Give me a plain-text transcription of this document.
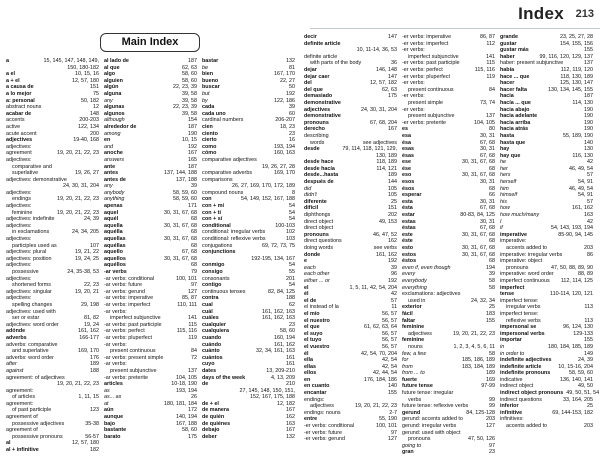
Index 213
Main Index
a	15, 145, 147, 148, 149,
150, 180-182
a el	10, 15, 16
a + el	12, 57, 180
a causa de	151
a lo mejor	75
a: personal	50, 182
abstract nouns	12
acabar de	148
accents	200-203
active	122, 134
acute accent	200
adjectives	19-40, 168
adjectives:
agreement	19, 20, 21, 22, 23
adjectives:
comparative and
superlative	19, 26, 27
adjectives: demonstrative
24, 30, 31, 204
adjectives:
endings	19, 20, 21, 22, 23
adjectives:
feminine	19, 20, 21, 22, 23
adjectives: indefinite	24, 39
adjectives:
in exclamations	24, 34, 205
adjectives:
participles used as	107
adjectives: plural	19, 21, 22
adjectives: position	19, 24, 25
adjectives:
possessive	24, 35-38, 53
adjectives:
shortened forms	22, 23
adjectives: singular	19, 20, 21
adjectives:
spelling changes	29, 198
adjectives: used with
ser or estar	81, 82
adjectives: word order	19, 24
adónde	161, 162
adverbs	166-177
adverbs: comparative
and superlative	169, 170
adverbs: word order	176
after	189
against	188
agreement: of adjectives
19, 20, 21, 22, 23
agreement:
of articles	1, 11, 15
agreement:
of past participle	123
agreement of
possessive adjectives	35-38
agreement of
possessive pronouns	56-57
al	12, 57, 180
al + infinitive	182
al lado de	187
al que	62, 63
algo	58, 60
alguien	58, 60
algún	22, 23, 39
alguna	39, 58
any	39, 58
algunas	22, 23, 39
algunos	39, 58
although	154
alrededor de	187
among	190
en	10, 15
and	192
anoche	167
answers	165
ante	187
antes	137, 144, 188
antes de	137, 188
any	39
anybody	58, 59, 60
anything	58, 59, 60
apenas	171
aquel	30, 31, 67, 68
aquél	68
aquella	30, 31, 67, 68
aquélla	68
aquellas	30, 31, 67, 68
aquéllas	68
aquello	67, 68
aquellos	30, 31, 67, 68
aquéllos	68
-ar verbs	79
-ar verbs: conditional	100, 101
-ar verbs: future	97
-ar verbs: gerund	127
-ar verbs: imperative	85, 87
-ar verbs: imperfect	110, 111
-ar verbs:
imperfect subjunctive	141
-ar verbs: past participle	115
-ar verbs: perfect	115, 116
-ar verbs: pluperfect	119
-ar verbs:
present continuous	84
-ar verbs: present simple	72
-ar verbs:
present subjunctive	137
-ar verbs: preterite	104, 105
articles	10-18, 190
as	193, 194
as... as	26
at	180, 181, 184
aún	172
aunque	140, 194
bajo	167, 188
bastante	58, 60
barato	175
bastar	132
be	81
bien	167, 170
bueno	22, 27
buscar	50
but	192
by	122, 186
cada	39
cada uno	60
cardinal numbers	206-207
cien	18, 23
ciento	23
cierto	16
como	193, 194
cómo	160, 163
comparative adjectives
19, 26, 27, 28
comparative adverbs	169, 170
comparisons
26, 27, 169, 170, 172, 189
compound nouns	8
con	54, 149, 152, 167, 188
con + mí	54
con + ti	54
con + sí	54
conditional	100-103
conditional: irregular verbs	102
conditional: reflexive verbs	103
conjugations	69, 72, 73, 75
conjunctions
192-195, 134, 167
conmigo	54
consigo	55
consonants	201
contigo	54
continuous tenses	82, 84, 125
contra	188
cual	62
cuál	161, 162, 163
cuáles	161, 162, 163
cualquier	23
cualquiera	58, 60
cuando	160, 194
cuándo	161, 162
cuánto	32, 34, 161, 163
cuántos	161
cuyo	161
dates	13, 209-210
days of the week	4, 13, 209
de	210
27, 145, 148, 150, 151,
152, 167, 175, 188
de + el	12, 182
de manera	167
de quién	162
de quiénes	163
debajo	167
deber	132
decir	147
definite article
10, 11-14, 36, 53
definite article
with parts of the body	36
dejar	146, 148
dejar caer	147
del	12, 57, 182
del que	62, 63
demasiado	175
demonstrative
adjectives	24, 30, 31, 204
demonstrative
pronouns	67, 68, 204
derecho	167
describing
words	see adjectives
desde	79, 114, 118, 121, 129,
130, 189
desde hace	118, 189
desde hacía	114, 121
desde...hasta	189
después de	144
did	105
didn't	105
diferente	25
difícil	151
diphthongs	202
direct object	49, 153
direct object
pronouns	46, 47, 52
direct questions	162
doing words	see verbs
donde	161, 162
e	192
each	39
each other	96
either ... or	192
el	1, 5, 11, 42, 54, 204
él	42
el de	57
el instead of la	11
el mío	56, 57
el nuestro	56, 57
el que	61, 62, 63, 64
el suyo	56, 57
el tuyo	56, 57
el vuestro	56, 57
él	42, 54, 70, 204
ella	42, 54
ellas	42, 54
ellos	42, 44, 54
en	176, 184, 186
en cuanto	140
encantar	155
endings:
adjectives	19, 20, 21, 22, 23
endings: nouns	2-7
entre	55, 190
-er verbs: conditional	100, 101
-er verbs: future	97
-er verbs: gerund	127
-er verbs: imperative	86, 87
-er verbs: imperfect	112
-er verbs:
imperfect subjunctive	141
-er verbs: past participle	115
-er verbs: perfect	115, 116
-er verbs: pluperfect	119
-er verbs:
present continuous	84
-er verbs:
present simple	73, 74
-er verbs:
present subjunctive	137
-er verbs: preterite	104, 105
es	80
esa	30, 31
ésa	67, 68
esas	30, 31
ésas	67, 68
ese	30, 31, 67, 68
ése	68
eso	30, 31, 67, 68
esos	30, 31
ésos	68
esperar	66
esta	30, 31
ésta	67, 68
estar	80-83, 84, 125
estas	30, 31
éstas	67, 68
este	30, 31, 67, 68
éste	68
esto	30, 31, 67, 68
estos	30, 31, 67, 68
éstos	68
even if, even though	194
every	39
everybody	58
everything	58
exclamations: adjectives
used in	24, 32, 34
exterior	25
fácil	183
faltar	155
feminine
adjectives	19, 20, 21, 22, 23
feminine
nouns	1, 2, 3, 4, 5, 6, 11
few, a few	58
for	185, 186, 189
from	183, 184, 189
from ... to	189
fuerte	169
future tense	97-99
future tense: irregular
verbs	99
future tense: reflexive verbs	99
gerund	84, 125-128
gerund: accents added to	203
gerund: irregular verbs	127
gerund: used with object
pronouns	47, 50, 126
going to	97
gran	23
grande	23, 25, 27, 28
gustar	154, 155, 156
gustar más	155
haber	99, 116, 120, 129, 137
haber: present subjunctive	137
había	112, 119, 120
hace ... que	118, 130, 189
hacer	125, 130, 147
hacer falta	130, 134, 145, 155
hacia	187
hacía ... que	114, 130
hacia abajo	190
hacia adelante	190
hacia arriba	190
hacia atrás	190
hasta	55, 189, 190
hasta que	140
hay	130
hay que	116, 130
he	42
her	46, 49, 54
hers	57
herself	54, 91
him	46, 49, 54
himself	54, 91
his	57
how	161, 162
how much/many	163
I	42
if	54, 143, 193, 194
imperative	85-90, 94, 145
imperative:
accents added to	203
imperative: irregular verbs	86
imperative: object
pronouns	47, 50, 88, 89, 90
imperative: word order	88, 89
imperfect continuous 112, 114, 125
imperfect
tense	110-114, 120, 121
imperfect tense:
irregular verbs	113
imperfect tense:
reflexive verbs	113
impersonal se	96, 124, 130
impersonal verbs	129-133
importar	155
in	180, 184, 185, 189
in order to	149
indefinite adjectives	24, 39
indefinite article	10, 15-16, 204
indefinite pronouns	58, 59, 60
indicative	136, 140, 141
indirect object	49, 50
indirect object pronouns 49, 50, 51, 54
indirect questions	33, 164, 205
inferior	25
infinitive	69, 144-153, 182
infinitives:
accents added to	203
